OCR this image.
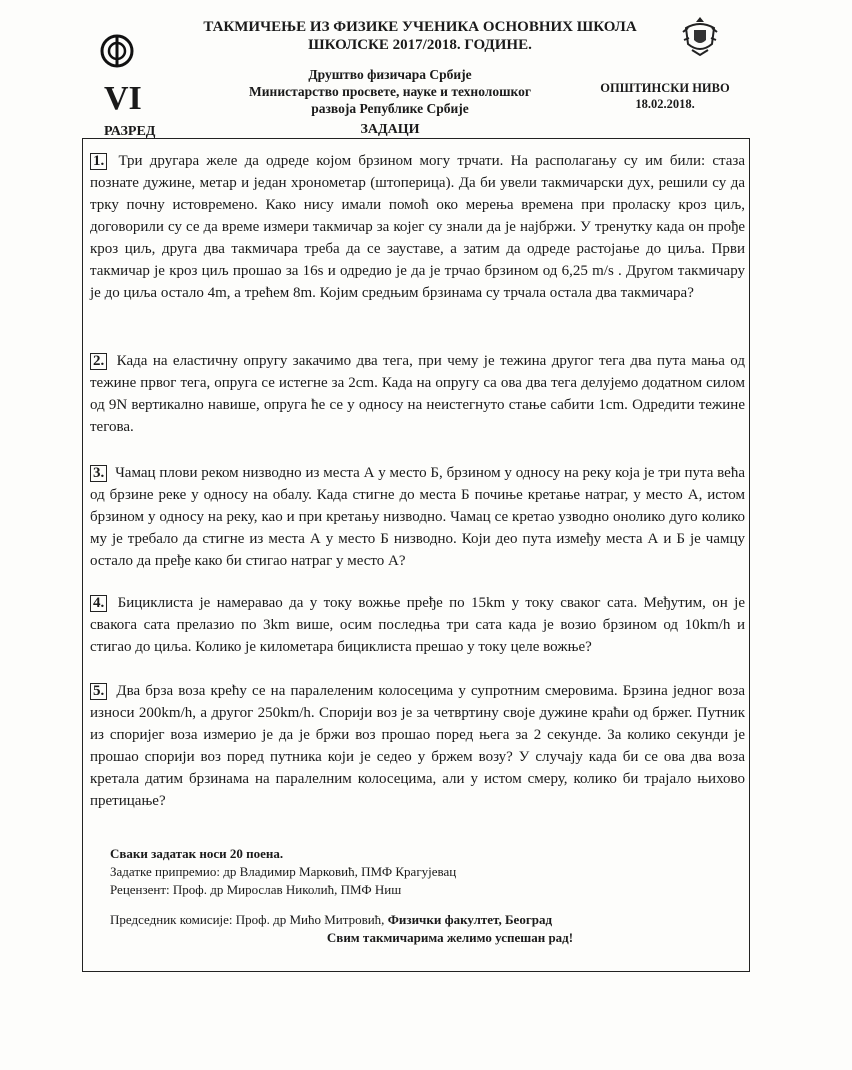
ТАКМИЧЕЊЕ ИЗ ФИЗИКЕ УЧЕНИКА ОСНОВНИХ ШКОЛА
ШКОЛСКЕ 2017/2018. ГОДИНЕ.
Друштво физичара Србије
Министарство просвете, науке и технолошког
развоја Републике Србије
VI
РАЗРЕД
ОПШТИНСКИ НИВО
18.02.2018.
ЗАДАЦИ
1. Три другара желе да одреде којом брзином могу трчати. На располагању су им били: стаза познате дужине, метар и један хронометар (штоперица). Да би увели такмичарски дух, решили су да трку почну истовремено. Како нису имали помоћ око мерења времена при проласку кроз циљ, договорили су се да време измери такмичар за којег су знали да је најбржи. У тренутку када он прође кроз циљ, друга два такмичара треба да се зауставе, а затим да одреде растојање до циља. Први такмичар је кроз циљ прошао за 16s и одредио је да је трчао брзином од 6,25 m/s . Другом такмичару је до циља остало 4m, а трећем 8m. Којим средњим брзинама су трчала остала два такмичара?
2. Када на еластичну опругу закачимо два тега, при чему је тежина другог тега два пута мања од тежине првог тега, опруга се истегне за 2cm. Када на опругу са ова два тега делујемо додатном силом од 9N вертикално навише, опруга ће се у односу на неистегнуто стање сабити 1cm. Одредити тежине тегова.
3. Чамац плови реком низводно из места А у место Б, брзином у односу на реку која је три пута већа од брзине реке у односу на обалу. Када стигне до места Б почиње кретање натраг, у место А, истом брзином у односу на реку, као и при кретању низводно. Чамац се кретао узводно онолико дуго колико му је требало да стигне из места А у место Б низводно. Који део пута између места А и Б је чамцу остало да пређе како би стигао натраг у место А?
4. Бициклиста је намеравао да у току вожње пређе по 15km у току сваког сата. Међутим, он је свакога сата прелазио по 3km више, осим последња три сата када је возио брзином од 10km/h и стигао до циља. Колико је километара бициклиста прешао у току целе вожње?
5. Два брза воза крећу се на паралеленим колосецима у супротним смеровима. Брзина једног воза износи 200km/h, а другог 250km/h. Спорији воз је за четвртину своје дужине краћи од бржег. Путник из споријег воза измерио је да је бржи воз прошао поред њега за 2 секунде. За колико секунди је прошао спорији воз поред путника који је седео у бржем возу? У случају када би се ова два воза кретала датим брзинама на паралелним колосецима, али у истом смеру, колико би трајало њихово претицање?
Сваки задатак носи 20 поена.
Задатке припремио: др Владимир Марковић, ПМФ Крагујевац
Рецензент: Проф. др Мирослав Николић, ПМФ Ниш
Председник комисије: Проф. др Мићо Митровић, Физички факултет, Београд
Свим такмичарима желимо успешан рад!
